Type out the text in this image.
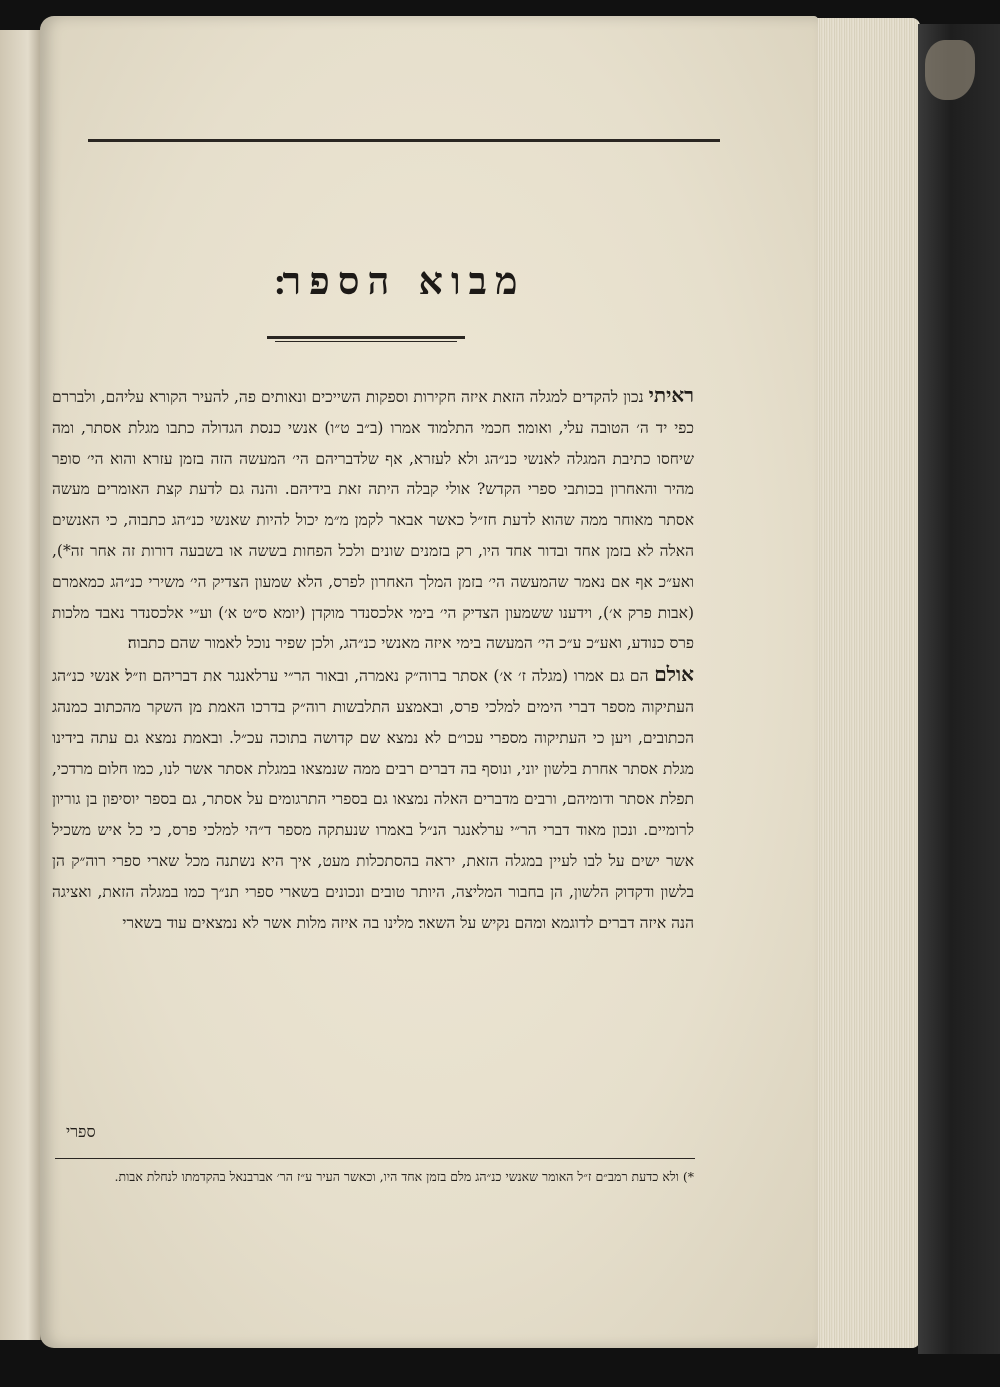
מבוא הספר׃

ראיתי נכון להקדים למגלה הזאת איזה חקירות וספקות השייכים ונאותים פה, להעיר הקורא עליהם, ולבררם כפי יד ה׳ הטובה עלי, ואומר׃ חכמי התלמוד אמרו (ב״ב ט״ו) אנשי כנסת הגדולה כתבו מגלת אסתר, ומה שיחסו כתיבת המגלה לאנשי כנ״הג ולא לעזרא, אף שלדבריהם הי׳ המעשה הזה בזמן עזרא והוא הי׳ סופר מהיר והאחרון בכותבי ספרי הקדש? אולי קבלה היתה זאת בידיהם. והנה גם לדעת קצת האומרים מעשה אסתר מאוחר ממה שהוא לדעת חז״ל כאשר אבאר לקמן מ״מ יכול להיות שאנשי כנ״הג כתבוה, כי האנשים האלה לא בזמן אחד ובדור אחד היו, רק בזמנים שונים ולכל הפחות בששה או בשבעה דורות זה אחר זה*), ואע״כ אף אם נאמר שהמעשה הי׳ בזמן המלך האחרון לפרס, הלא שמעון הצדיק הי׳ משירי כנ״הג כמאמרם (אבות פרק א׳), וידענו ששמעון הצדיק הי׳ בימי אלכסנדר מוקדן (יומא ס״ט א׳) וע״י אלכסנדר נאבד מלכות פרס כנודע, ואע״כ ע״כ הי׳ המעשה בימי איזה מאנשי כנ״הג, ולכן שפיר נוכל לאמור שהם כתבוה׃

אולם הם גם אמרו (מגלה ז׳ א׳) אסתר ברוה״ק נאמרה, ובאור הר״י ערלאנגר את דבריהם וז״ל׃ אנשי כנ״הג העתיקוה מספר דברי הימים למלכי פרס, ובאמצע התלבשות רוה״ק בדרכו האמת מן השקר מהכתוב כמנהג הכתובים, ויען כי העתיקוה מספרי עכו״ם לא נמצא שם קדושה בתוכה עכ״ל. ובאמת נמצא גם עתה בידינו מגלת אסתר אחרת בלשון יוני, ונוסף בה דברים רבים ממה שנמצאו במגלת אסתר אשר לנו, כמו חלום מרדכי, תפלת אסתר ודומיהם, ורבים מדברים האלה נמצאו גם בספרי התרגומים על אסתר, גם בספר יוסיפון בן גוריון לרומיים. ונכון מאוד דברי הר״י ערלאנגר הנ״ל באמרו שנעתקה מספר ד״הי למלכי פרס, כי כל איש משכיל אשר ישים על לבו לעיין במגלה הזאת, יראה בהסתכלות מעט, איך היא נשתנה מכל שארי ספרי רוה״ק הן בלשון ודקדוק הלשון, הן בחבור המליצה, היותר טובים ונכונים בשארי ספרי תנ״ך כמו במגלה הזאת, ואציגה הנה איזה דברים לדוגמא ומהם נקיש על השאר׃ מלינו בה איזה מלות אשר לא נמצאים עוד בשארי

ספרי
*) ולא כדעת רמב״ם ז״ל האומר שאנשי כנ״הג מלם בזמן אחד היו, וכאשר העיר ע״ז הר׳ אברבנאל בהקדמתו לנחלת אבות.
